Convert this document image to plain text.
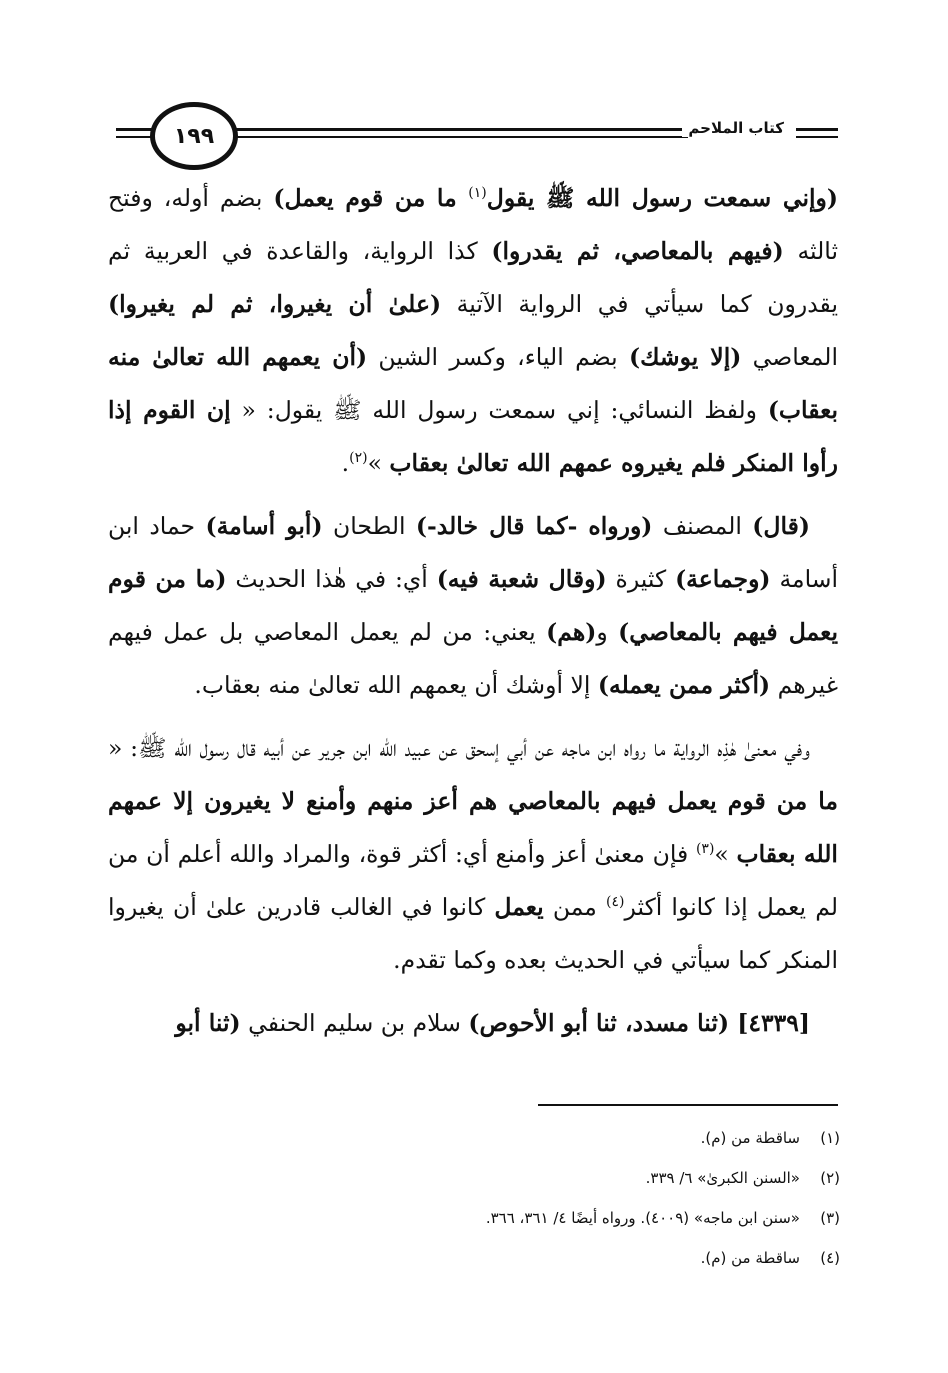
١٩٩	كتاب الملاحم

(وإني سمعت رسول الله ﷺ يقول$^{(١)}$ ما من قوم يعمل) بضم أوله، وفتح ثالثه (فيهم بالمعاصي، ثم يقدروا) كذا الرواية، والقاعدة في العربية ثم يقدرون كما سيأتي في الرواية الآتية (علىٰ أن يغيروا، ثم لم يغيروا) المعاصي (إلا يوشك) بضم الياء، وكسر الشين (أن يعمهم الله تعالىٰ منه بعقاب) ولفظ النسائي: إني سمعت رسول الله ﷺ يقول: « إن القوم إذا رأوا المنكر فلم يغيروه عمهم الله تعالىٰ بعقاب »$^{(٢)}$.

(قال) المصنف (ورواه -كما قال خالد-) الطحان (أبو أسامة) حماد ابن أسامة (وجماعة) كثيرة (وقال شعبة فيه) أي: في هٰذا الحديث (ما من قوم يعمل فيهم بالمعاصي) و(هم) يعني: من لم يعمل المعاصي بل عمل فيهم غيرهم (أكثر ممن يعمله) إلا أوشك أن يعمهم الله تعالىٰ منه بعقاب.

وفي معنىٰ هٰذِه الرواية ما رواه ابن ماجه عن أبي إسحق عن عبيد الله ابن جرير عن أبيه قال رسول الله ﷺ: « ما من قوم يعمل فيهم بالمعاصي هم أعز منهم وأمنع لا يغيرون إلا عمهم الله بعقاب »$^{(٣)}$ فإن معنىٰ أعز وأمنع أي: أكثر قوة، والمراد والله أعلم أن من لم يعمل إذا كانوا أكثر$^{(٤)}$ ممن يعمل كانوا في الغالب قادرين علىٰ أن يغيروا المنكر كما سيأتي في الحديث بعده وكما تقدم.

[٤٣٣٩] (ثنا مسدد، ثنا أبو الأحوص) سلام بن سليم الحنفي (ثنا أبو

(١)
ساقطة من (م).
(٢)
«السنن الكبرىٰ» ٦/ ٣٣٩.
(٣)
«سنن ابن ماجه» (٤٠٠٩). ورواه أيضًا ٤/ ٣٦١، ٣٦٦.
(٤)
ساقطة من (م).
